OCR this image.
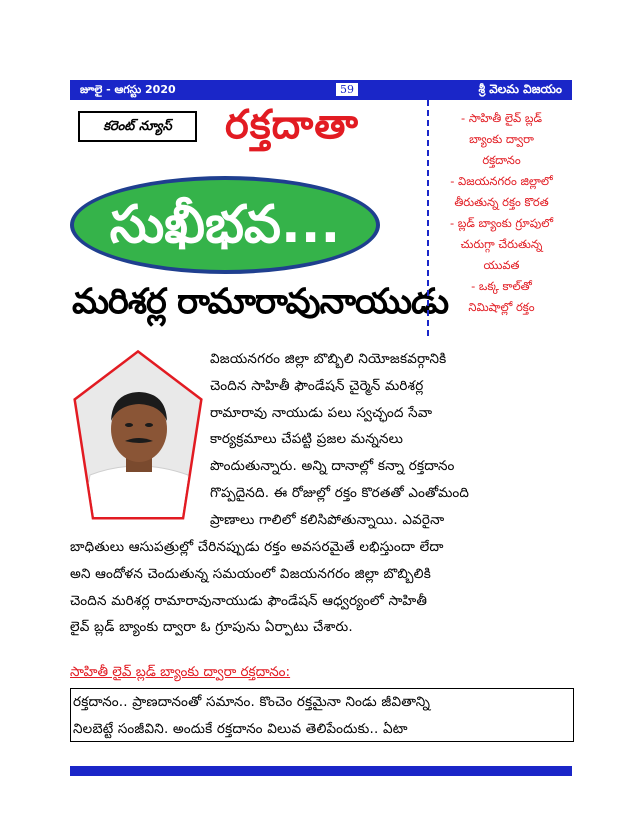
జూలై - ఆగస్టు 2020	59	శ్రీ వెలమ విజయం
కరెంట్ న్యూస్	రక్తదాతా
సుఖీభవ...
మరిశర్ల రామారావునాయుడు
- సాహితీ లైవ్ బ్లడ్
బ్యాంకు ద్వారా
రక్తదానం
- విజయనగరం జిల్లాలో
తీరుతున్న రక్తం కొరత
- బ్లడ్ బ్యాంకు గ్రూపులో
చురుగ్గా చేరుతున్న
యువత
- ఒక్క కాల్‌తో
నిమిషాల్లో రక్తం
విజయనగరం జిల్లా బొబ్బిలి నియోజకవర్గానికి
చెందిన సాహితీ ఫౌండేషన్ చైర్మెన్ మరిశర్ల
రామారావు నాయుడు పలు స్వచ్ఛంద సేవా
కార్యక్రమాలు చేపట్టి ప్రజల మన్ననలు
పొందుతున్నారు. అన్ని దానాల్లో కన్నా రక్తదానం
గొప్పదైనది. ఈ రోజుల్లో రక్తం కొరతతో ఎంతోమంది
ప్రాణాలు గాలిలో కలిసిపోతున్నాయి. ఎవరైనా
బాధితులు ఆసుపత్రుల్లో చేరినప్పుడు రక్తం అవసరమైతే లభిస్తుందా లేదా
అని ఆందోళన చెందుతున్న సమయంలో విజయనగరం జిల్లా బొబ్బిలికి
చెందిన మరిశర్ల రామారావునాయుడు ఫౌండేషన్ ఆధ్వర్యంలో సాహితీ
లైవ్ బ్లడ్ బ్యాంకు ద్వారా ఓ గ్రూపును ఏర్పాటు చేశారు.
సాహితీ లైవ్ బ్లడ్ బ్యాంకు ద్వారా రక్తదానం:
రక్తదానం.. ప్రాణదానంతో సమానం. కొంచెం రక్తమైనా నిండు జీవితాన్ని
నిలబెట్టే సంజీవిని. అందుకే రక్తదానం విలువ తెలిపేందుకు.. ఏటా
